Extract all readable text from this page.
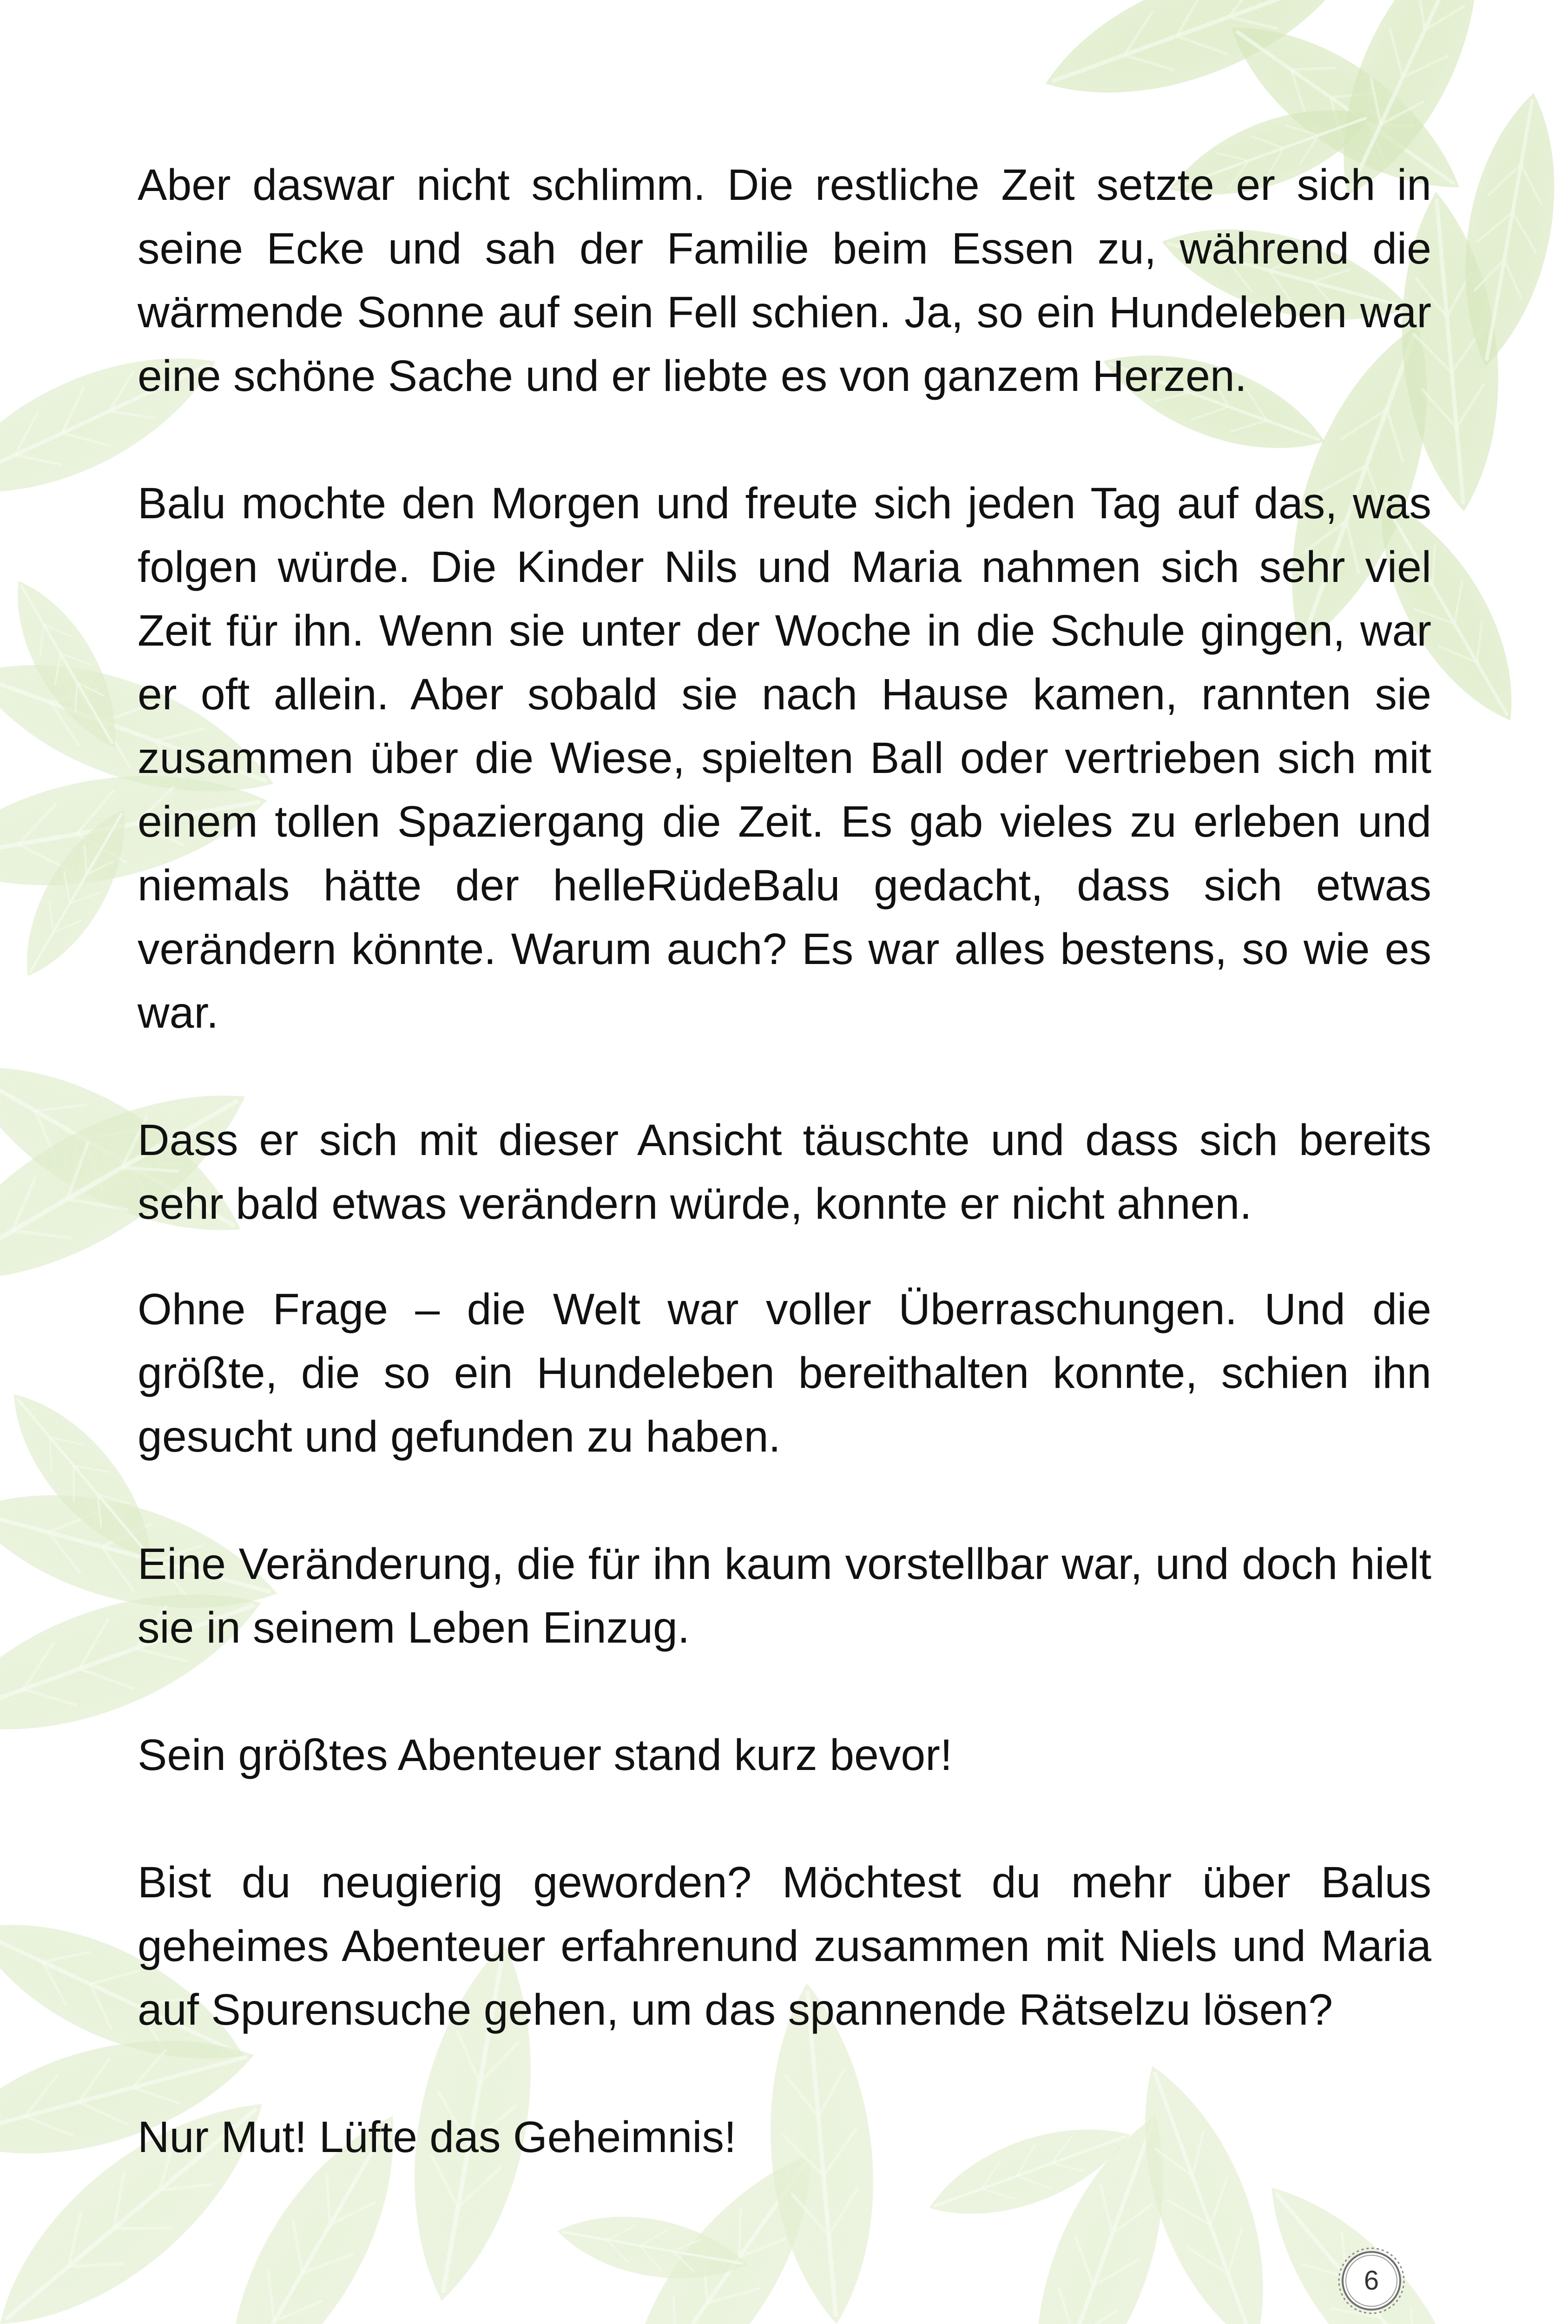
Aber daswar nicht schlimm. Die restliche Zeit setzte er sich in seine Ecke und sah der Familie beim Essen zu, während die wärmende Sonne auf sein Fell schien. Ja, so ein Hundeleben war eine schöne Sache und er liebte es von ganzem Herzen.

Balu mochte den Morgen und freute sich jeden Tag auf das, was folgen würde. Die Kinder Nils und Maria nahmen sich sehr viel Zeit für ihn. Wenn sie unter der Woche in die Schule gingen, war er oft allein. Aber sobald sie nach Hause kamen, rannten sie zusammen über die Wiese, spielten Ball oder vertrieben sich mit einem tollen Spaziergang die Zeit. Es gab vieles zu erleben und niemals hätte der helleRüdeBalu gedacht, dass sich etwas verändern könnte. Warum auch? Es war alles bestens, so wie es war.

Dass er sich mit dieser Ansicht täuschte und dass sich bereits sehr bald etwas verändern würde, konnte er nicht ahnen.

Ohne Frage – die Welt war voller Überraschungen. Und die größte, die so ein Hundeleben bereithalten konnte, schien ihn gesucht und gefunden zu haben.

Eine Veränderung, die für ihn kaum vorstellbar war, und doch hielt sie in seinem Leben Einzug.

Sein größtes Abenteuer stand kurz bevor!

Bist du neugierig geworden? Möchtest du mehr über Balus geheimes Abenteuer erfahrenund zusammen mit Niels und Maria auf Spurensuche gehen, um das spannende Rätselzu lösen?

Nur Mut! Lüfte das Geheimnis!

6
